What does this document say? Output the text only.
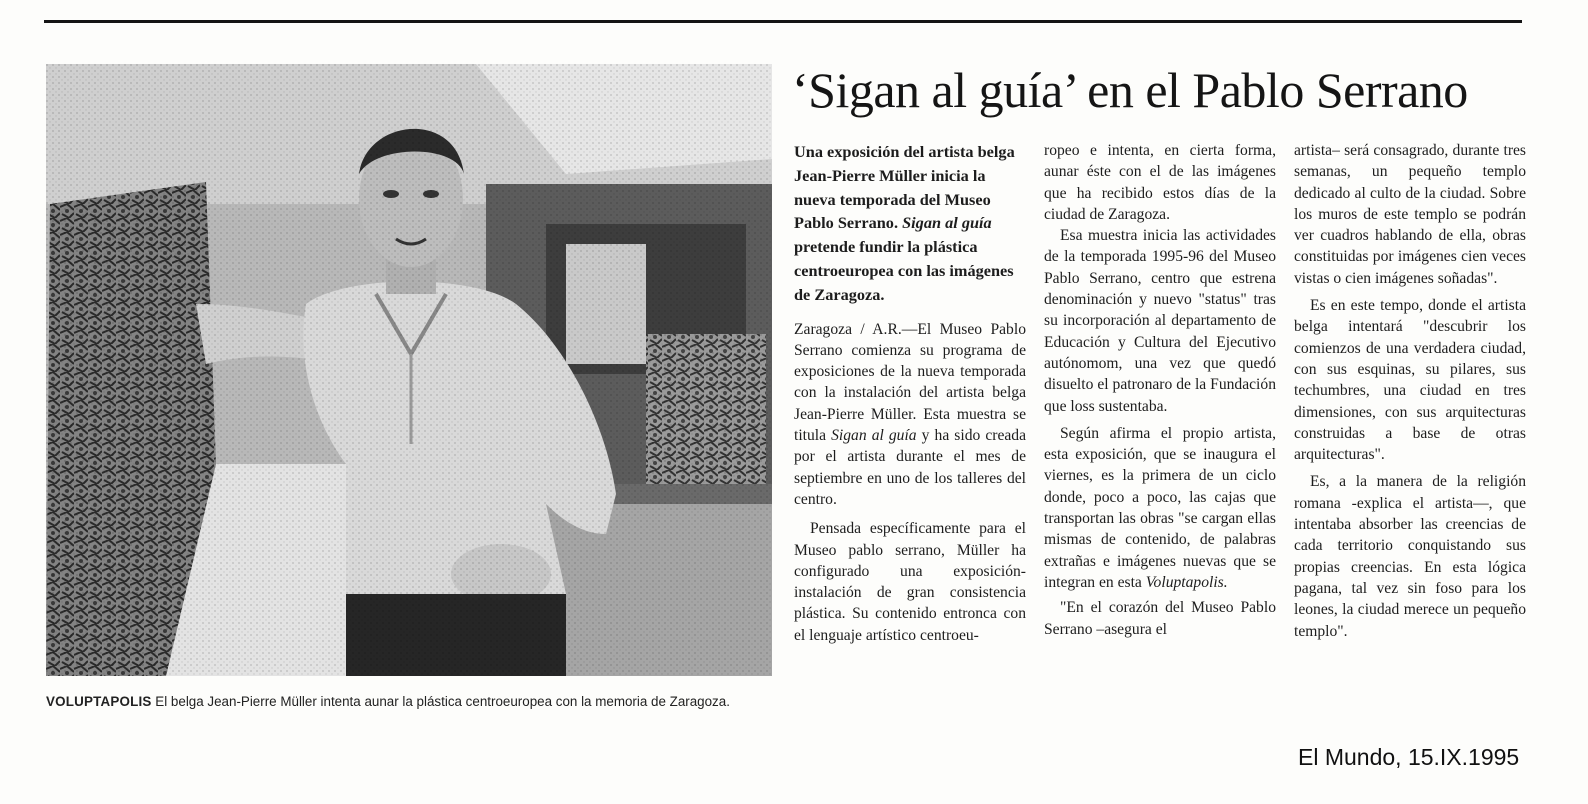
VOLUPTAPOLIS El belga Jean-Pierre Müller intenta aunar la plástica centroeuropea con la memoria de Zaragoza.
‘Sigan al guía’ en el Pablo Serrano

Una exposición del artista belga Jean-Pierre Müller inicia la nueva temporada del Museo Pablo Serrano. Sigan al guía pretende fundir la plástica centroeuropea con las imágenes de Zaragoza.

Zaragoza / A.R.—El Museo Pablo Serrano comienza su programa de exposiciones de la nueva temporada con la instalación del artista belga Jean-Pierre Müller. Esta muestra se titula Sigan al guía y ha sido creada por el artista durante el mes de septiembre en uno de los talleres del centro.

Pensada específicamente para el Museo pablo serrano, Müller ha configurado una exposición-instalación de gran consistencia plástica. Su contenido entronca con el lenguaje artístico centroeu-

ropeo e intenta, en cierta forma, aunar éste con el de las imágenes que ha recibido estos días de la ciudad de Zaragoza.

Esa muestra inicia las actividades de la temporada 1995-96 del Museo Pablo Serrano, centro que estrena denominación y nuevo "status" tras su incorporación al departamento de Educación y Cultura del Ejecutivo autónomom, una vez que quedó disuelto el patronaro de la Fundación que loss sustentaba.

Según afirma el propio artista, esta exposición, que se inaugura el viernes, es la primera de un ciclo donde, poco a poco, las cajas que transportan las obras "se cargan ellas mismas de contenido, de palabras extrañas e imágenes nuevas que se integran en esta Voluptapolis.

"En el corazón del Museo Pablo Serrano –asegura el

artista– será consagrado, durante tres semanas, un pequeño templo dedicado al culto de la ciudad. Sobre los muros de este templo se podrán ver cuadros hablando de ella, obras constituidas por imágenes cien veces vistas o cien imágenes soñadas".

Es en este tempo, donde el artista belga intentará "descubrir los comienzos de una verdadera ciudad, con sus esquinas, su pilares, sus techumbres, una ciudad en tres dimensiones, con sus arquitecturas construidas a base de otras arquitecturas".

Es, a la manera de la religión romana -explica el artista—, que intentaba absorber las creencias de cada territorio conquistando sus propias creencias. En esta lógica pagana, tal vez sin foso para los leones, la ciudad merece un pequeño templo".

El Mundo, 15.IX.1995
